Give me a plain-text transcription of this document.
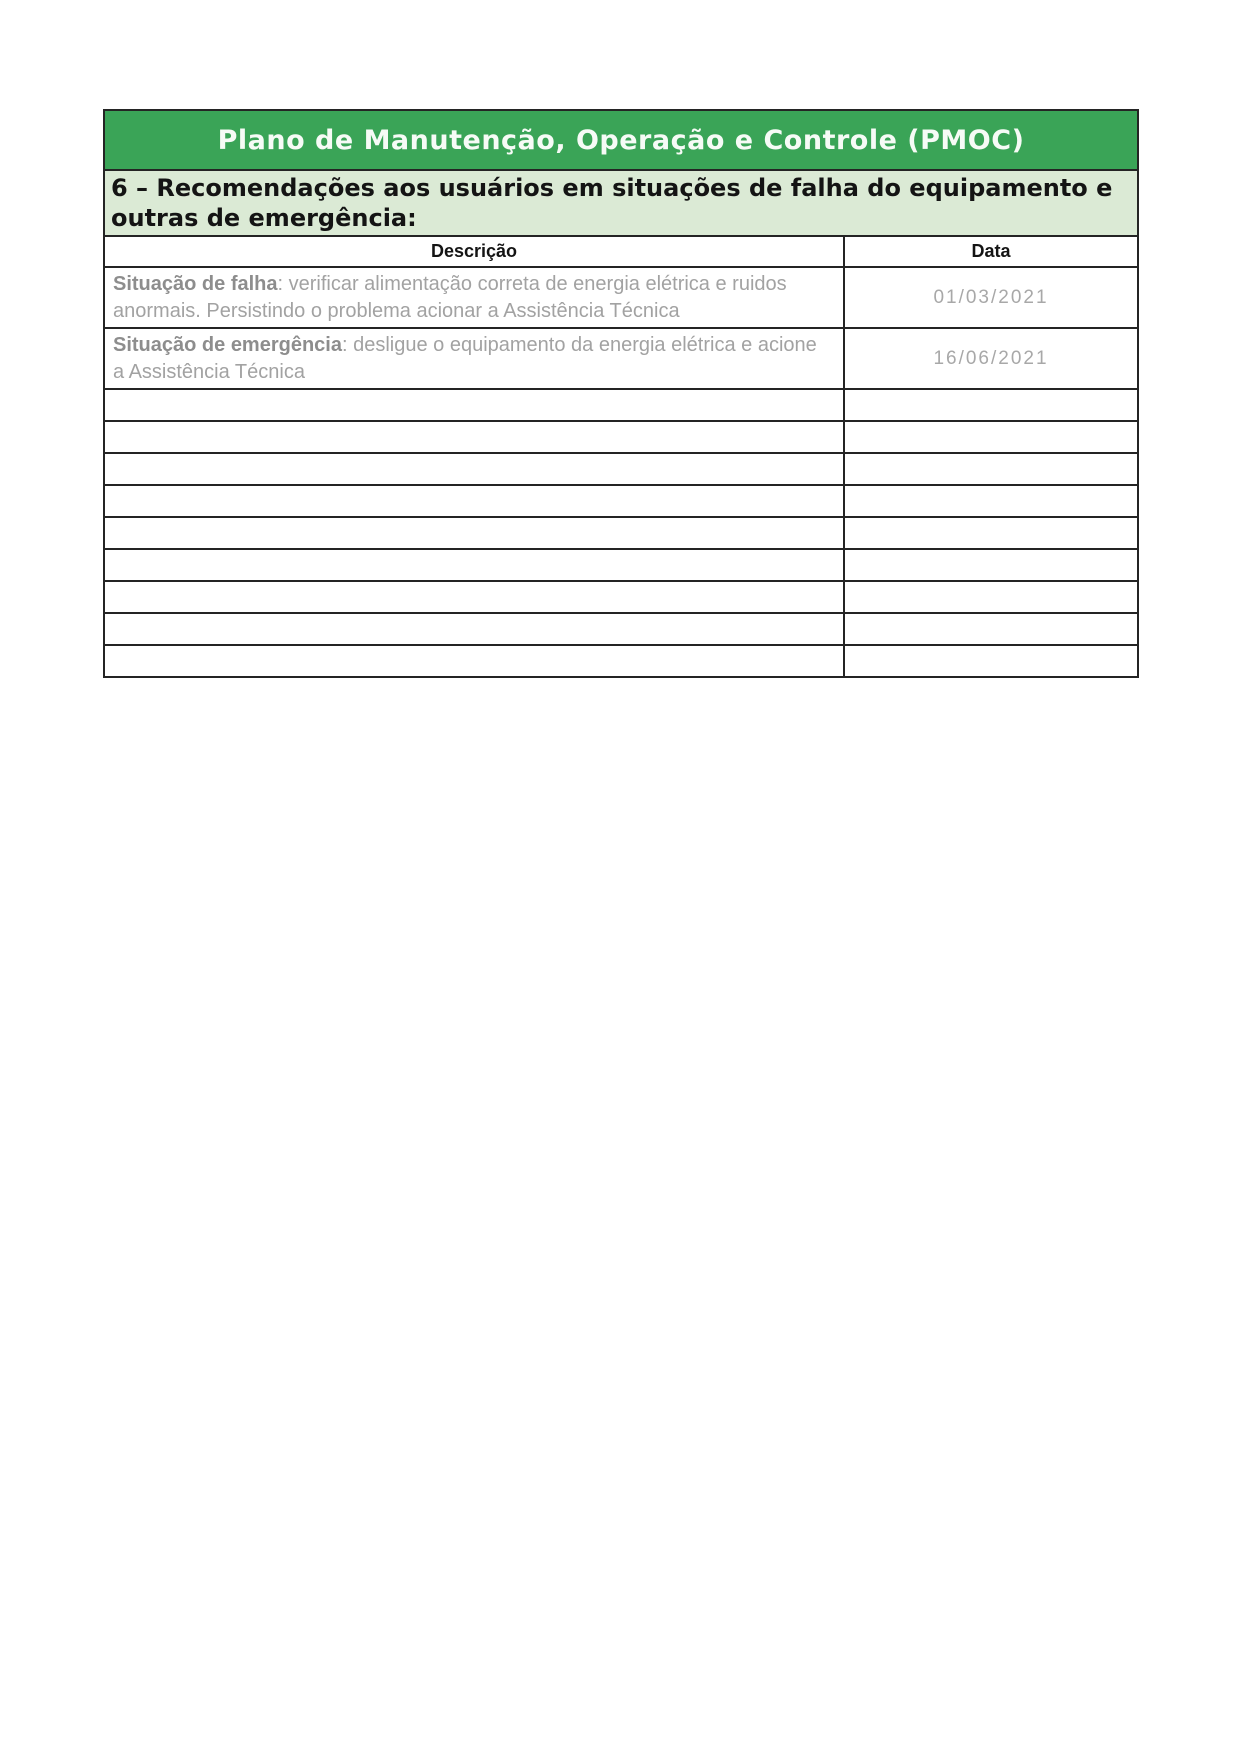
Plano de Manutenção, Operação e Controle (PMOC)	
6 – Recomendações aos usuários em situações de falha do equipamento e outras de emergência:	
Descrição	Data
Situação de falha: verificar alimentação correta de energia elétrica e ruidos anormais. Persistindo o problema acionar a Assistência Técnica	01/03/2021
Situação de emergência: desligue o equipamento da energia elétrica e acione a Assistência Técnica	16/06/2021
